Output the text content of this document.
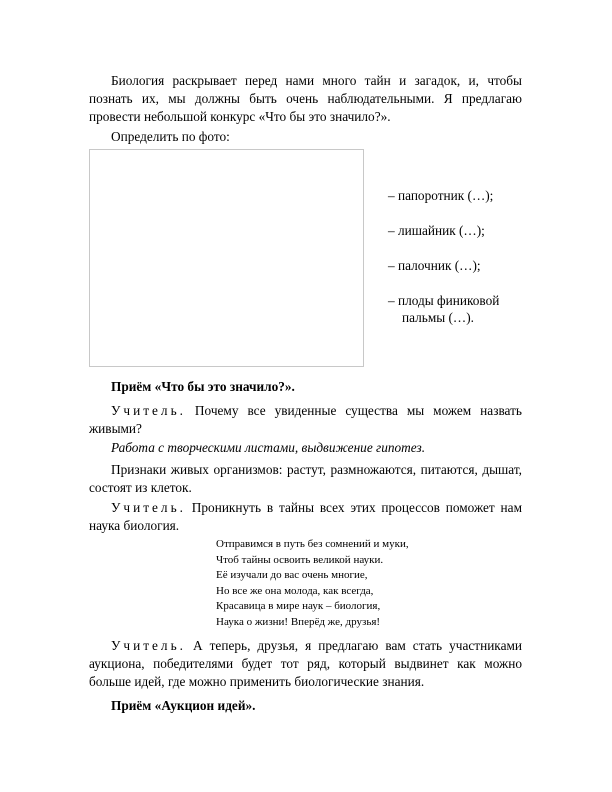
Биология раскрывает перед нами много тайн и загадок, и, чтобы познать их, мы должны быть очень наблюдательными. Я предлагаю провести небольшой конкурс «Что бы это значило?».

Определить по фото:

– папоротник (…);
– лишайник (…);
– палочник (…);
– плоды финиковой пальмы (…).

Приём «Что бы это значило?».

Учитель. Почему все увиденные существа мы можем назвать живыми?

Работа с творческими листами, выдвижение гипотез.

Признаки живых организмов: растут, размножаются, питаются, дышат, состоят из клеток.

Учитель. Проникнуть в тайны всех этих процессов поможет нам наука биология.

Отправимся в путь без сомнений и муки,
Чтоб тайны освоить великой науки.
Её изучали до вас очень многие,
Но все же она молода, как всегда,
Красавица в мире наук – биология,
Наука о жизни! Вперёд же, друзья!

Учитель. А теперь, друзья, я предлагаю вам стать участниками аукциона, победителями будет тот ряд, который выдвинет как можно больше идей, где можно применить биологические знания.

Приём «Аукцион идей».
